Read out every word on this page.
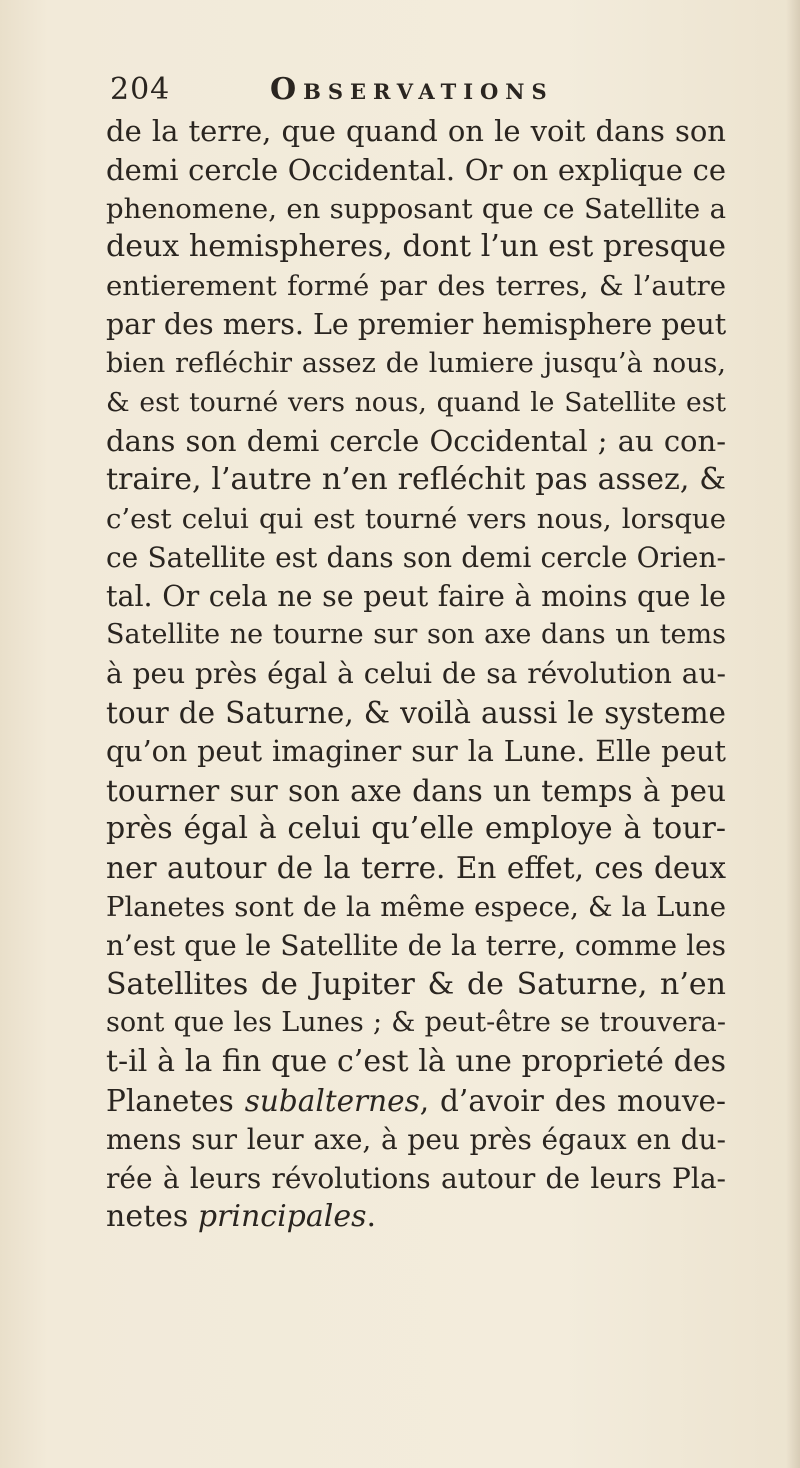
204	Observations
de la terre, que quand on le voit dans son
demi cercle Occidental. Or on explique ce
phenomene, en supposant que ce Satellite a
deux hemispheres, dont l’un est presque
entierement formé par des terres, & l’autre
par des mers. Le premier hemisphere peut
bien refléchir assez de lumiere jusqu’à nous,
& est tourné vers nous, quand le Satellite est
dans son demi cercle Occidental ; au con-
traire, l’autre n’en refléchit pas assez, &
c’est celui qui est tourné vers nous, lorsque
ce Satellite est dans son demi cercle Orien-
tal. Or cela ne se peut faire à moins que le
Satellite ne tourne sur son axe dans un tems
à peu près égal à celui de sa révolution au-
tour de Saturne, & voilà aussi le systeme
qu’on peut imaginer sur la Lune. Elle peut
tourner sur son axe dans un temps à peu
près égal à celui qu’elle employe à tour-
ner autour de la terre. En effet, ces deux
Planetes sont de la même espece, & la Lune
n’est que le Satellite de la terre, comme les
Satellites de Jupiter & de Saturne, n’en
sont que les Lunes ; & peut-être se trouvera-
t-il à la fin que c’est là une proprieté des
Planetes subalternes, d’avoir des mouve-
mens sur leur axe, à peu près égaux en du-
rée à leurs révolutions autour de leurs Pla-
netes principales.
